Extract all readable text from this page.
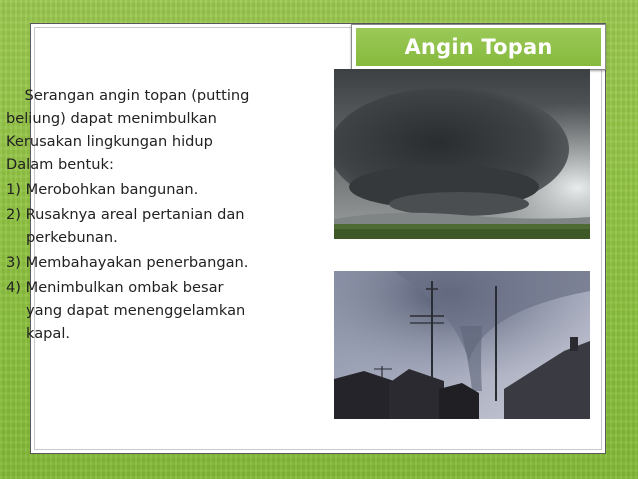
Angin Topan

Serangan angin topan (putting

beliung) dapat menimbulkan

Kerusakan lingkungan hidup

Dalam bentuk:

1) Merobohkan bangunan.

2) Rusaknya areal pertanian dan

perkebunan.

3) Membahayakan penerbangan.

4) Menimbulkan ombak besar

yang dapat menenggelamkan

kapal.
